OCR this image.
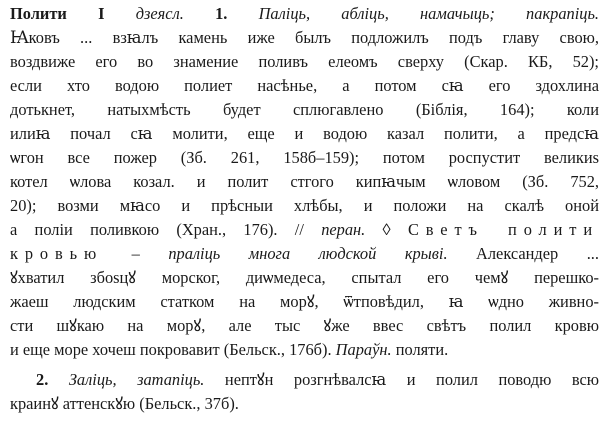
Полити I дзеясл. 1. Паліць, абліць, намачыць; пакрапіць.
Ꙗковъ ... взꙗлъ камень иже былъ подложилъ подъ главу свою,
воздвиже его во знамение поливъ елеомъ сверху (Скар. КБ, 52);
если хто водою полиет насѣнье, а потом сꙗ его здохлина
дотькнет, натыхмѣсть будет сплюгавлено (Біблія, 164); коли
илиꙗ почал сꙗ молити, еще и водою казал полити, а предсꙗ
ѡгон все пожер (Зб. 261, 158б–159); потом роспустит великиѕ
котел ѡлова козал. и полит стгого кипꙗчым ѡловом (Зб. 752,
20); возми мꙗсо и прѣсныи хлѣбы, и положи на скалѣ оной
а поліи поливкою (Хран., 176). // перан. ◊ Светъ полити
кровью – праліць многа людской крыві. Александер ...
ꙋхватил збоѕцꙋ морског, диѡмедеса, спытал его чемꙋ перешко-
жаеш людским статком на морꙋ, ѿтповѣдил, ꙗ ѡдно живно-
сти шꙋкаю на морꙋ, але тыс ꙋже ввес свѣтъ полил кровю
и еще море хочеш покровавит (Бельск., 176б). Параўн. поляти.
2. Заліць, затапіць. нептꙋн розгнѣвалсꙗ и полил поводю всю
краинꙋ аттенскꙋю (Бельск., 37б).
